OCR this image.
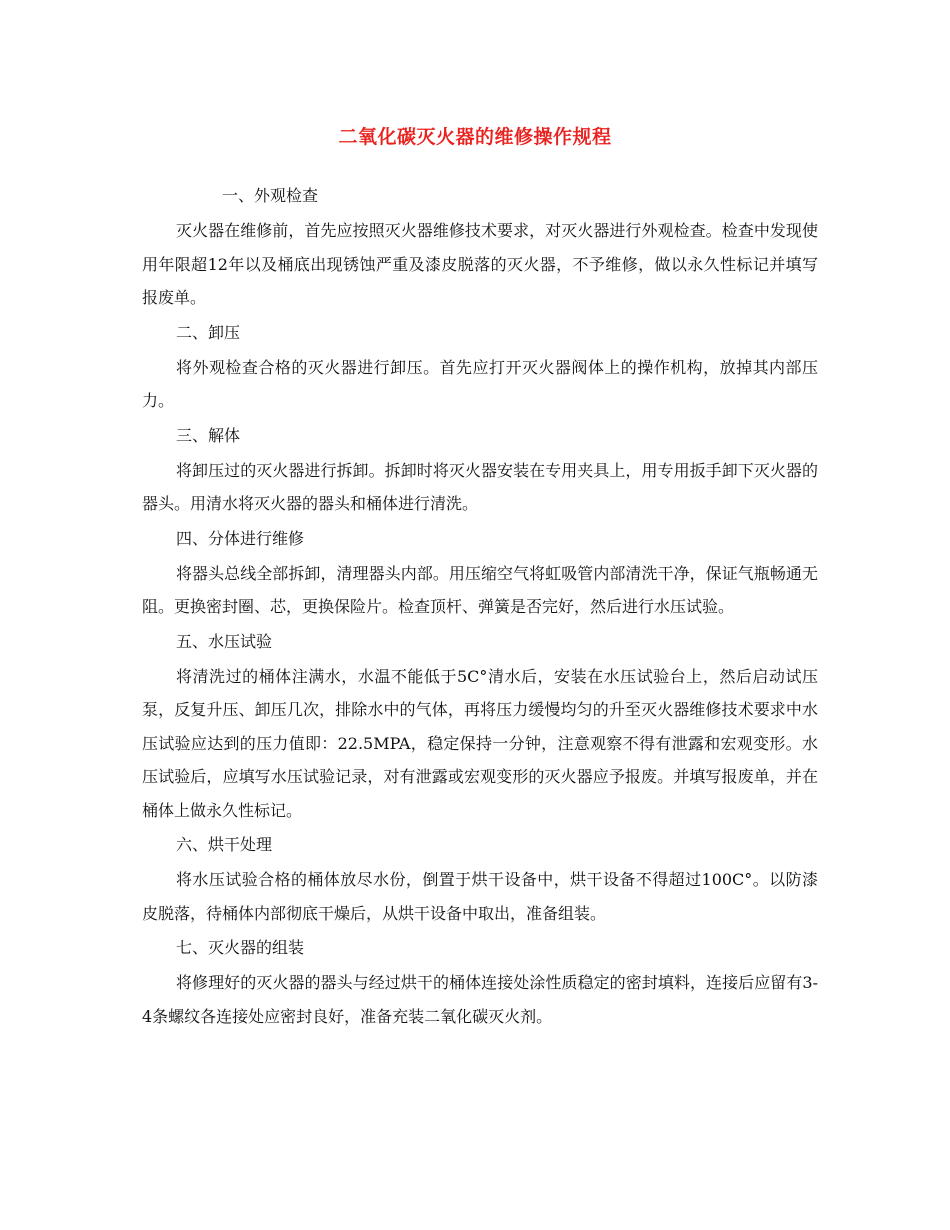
二氧化碳灭火器的维修操作规程
一、外观检查

灭火器在维修前，首先应按照灭火器维修技术要求，对灭火器进行外观检查。检查中发现使用年限超12年以及桶底出现锈蚀严重及漆皮脱落的灭火器，不予维修，做以永久性标记并填写报废单。

二、卸压

将外观检查合格的灭火器进行卸压。首先应打开灭火器阀体上的操作机构，放掉其内部压力。

三、解体

将卸压过的灭火器进行拆卸。拆卸时将灭火器安装在专用夹具上，用专用扳手卸下灭火器的器头。用清水将灭火器的器头和桶体进行清洗。

四、分体进行维修

将器头总线全部拆卸，清理器头内部。用压缩空气将虹吸管内部清洗干净，保证气瓶畅通无阻。更换密封圈、芯，更换保险片。检查顶杆、弹簧是否完好，然后进行水压试验。

五、水压试验

将清洗过的桶体注满水，水温不能低于5C°清水后，安装在水压试验台上，然后启动试压泵，反复升压、卸压几次，排除水中的气体，再将压力缓慢均匀的升至灭火器维修技术要求中水压试验应达到的压力值即：22.5MPA，稳定保持一分钟，注意观察不得有泄露和宏观变形。水压试验后，应填写水压试验记录，对有泄露或宏观变形的灭火器应予报废。并填写报废单，并在桶体上做永久性标记。

六、烘干处理

将水压试验合格的桶体放尽水份，倒置于烘干设备中，烘干设备不得超过100C°。以防漆皮脱落，待桶体内部彻底干燥后，从烘干设备中取出，准备组装。

七、灭火器的组装

将修理好的灭火器的器头与经过烘干的桶体连接处涂性质稳定的密封填料，连接后应留有3-4条螺纹各连接处应密封良好，准备充装二氧化碳灭火剂。
